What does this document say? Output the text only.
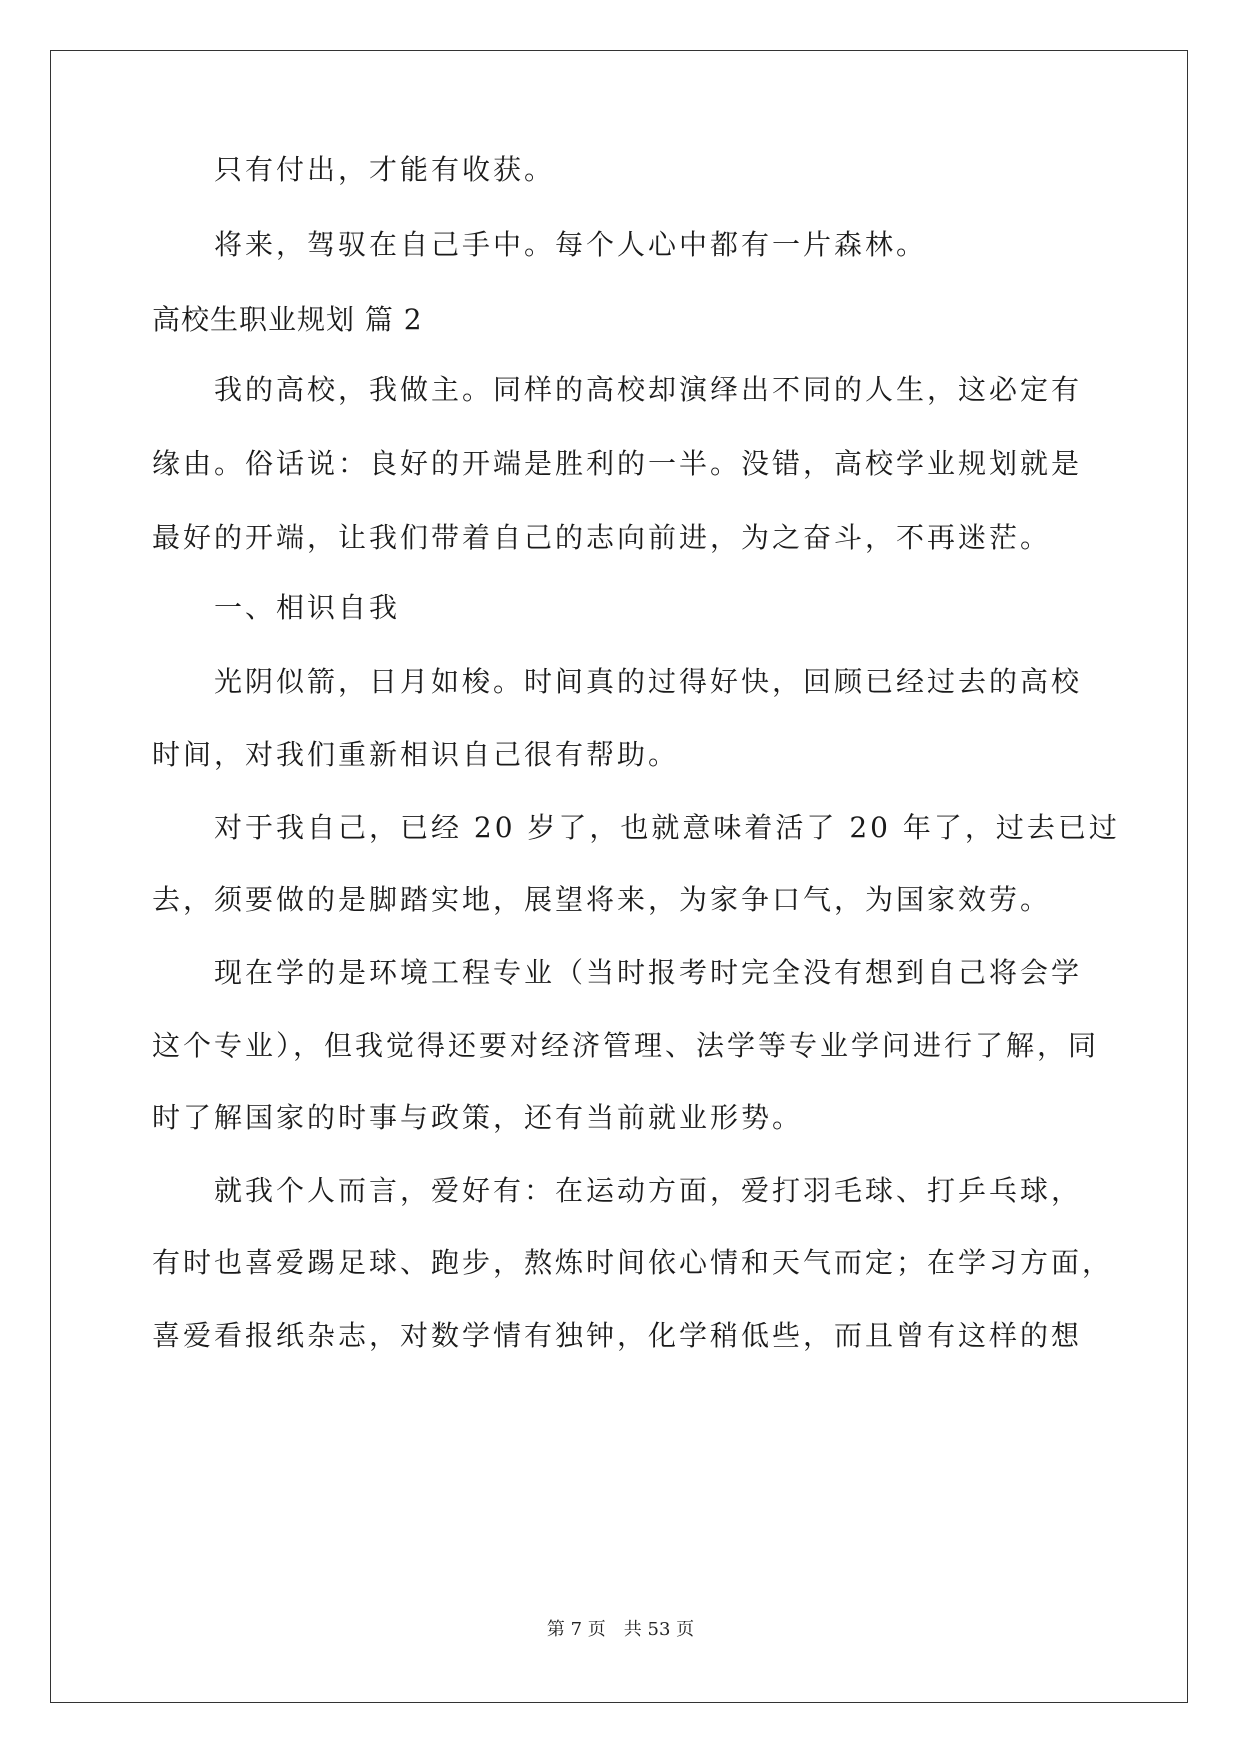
只有付出，才能有收获。
将来，驾驭在自己手中。每个人心中都有一片森林。
高校生职业规划 篇 2
我的高校，我做主。同样的高校却演绎出不同的人生，这必定有
缘由。俗话说：良好的开端是胜利的一半。没错，高校学业规划就是
最好的开端，让我们带着自己的志向前进，为之奋斗，不再迷茫。
一、相识自我
光阴似箭，日月如梭。时间真的过得好快，回顾已经过去的高校
时间，对我们重新相识自己很有帮助。
对于我自己，已经 20 岁了，也就意味着活了 20 年了，过去已过
去，须要做的是脚踏实地，展望将来，为家争口气，为国家效劳。
现在学的是环境工程专业（当时报考时完全没有想到自己将会学
这个专业），但我觉得还要对经济管理、法学等专业学问进行了解，同
时了解国家的时事与政策，还有当前就业形势。
就我个人而言，爱好有：在运动方面，爱打羽毛球、打乒乓球，
有时也喜爱踢足球、跑步，熬炼时间依心情和天气而定；在学习方面，
喜爱看报纸杂志，对数学情有独钟，化学稍低些，而且曾有这样的想
第 7 页 共 53 页
